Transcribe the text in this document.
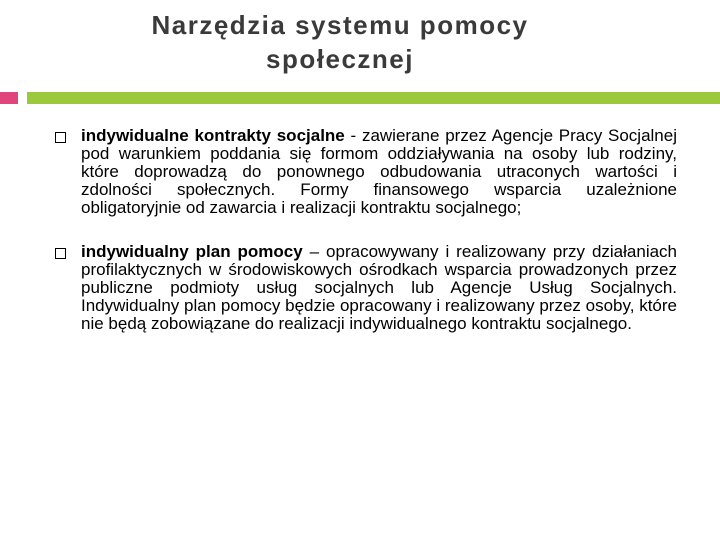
Narzędzia systemu pomocy
społecznej

indywidualne kontrakty socjalne - zawierane przez Agencje Pracy Socjalnej pod warunkiem poddania się formom oddziaływania na osoby lub rodziny, które doprowadzą do ponownego odbudowania utraconych wartości i zdolności społecznych. Formy finansowego wsparcia uzależnione obligatoryjnie od zawarcia i realizacji kontraktu socjalnego;

indywidualny plan pomocy – opracowywany i realizowany przy działaniach profilaktycznych w środowiskowych ośrodkach wsparcia prowadzonych przez publiczne podmioty usług socjalnych lub Agencje Usług Socjalnych. Indywidualny plan pomocy będzie opracowany i realizowany przez osoby, które nie będą zobowiązane do realizacji indywidualnego kontraktu socjalnego.
